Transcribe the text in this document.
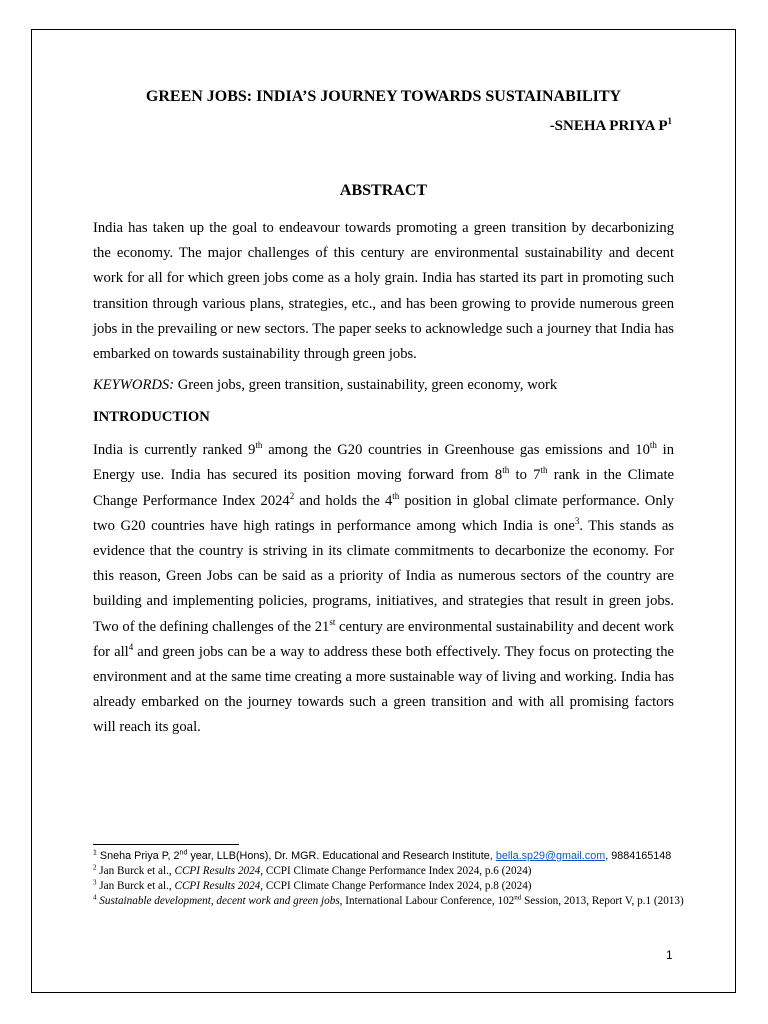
GREEN JOBS: INDIA’S JOURNEY TOWARDS SUSTAINABILITY

-SNEHA PRIYA $P^1$

ABSTRACT

India has taken up the goal to endeavour towards promoting a green transition by decarbonizing the economy. The major challenges of this century are environmental sustainability and decent work for all for which green jobs come as a holy grain. India has started its part in promoting such transition through various plans, strategies, etc., and has been growing to provide numerous green jobs in the prevailing or new sectors. The paper seeks to acknowledge such a journey that India has embarked on towards sustainability through green jobs.

KEYWORDS: Green jobs, green transition, sustainability, green economy, work

INTRODUCTION

India is currently ranked 9th among the G20 countries in Greenhouse gas emissions and 10th in Energy use. India has secured its position moving forward from 8th to 7th rank in the Climate Change Performance Index 2024$^2$ and holds the 4th position in global climate performance. Only two G20 countries have high ratings in performance among which India is one$^3$. This stands as evidence that the country is striving in its climate commitments to decarbonize the economy. For this reason, Green Jobs can be said as a priority of India as numerous sectors of the country are building and implementing policies, programs, initiatives, and strategies that result in green jobs. Two of the defining challenges of the 21st century are environmental sustainability and decent work for all$^4$ and green jobs can be a way to address these both effectively. They focus on protecting the environment and at the same time creating a more sustainable way of living and working. India has already embarked on the journey towards such a green transition and with all promising factors will reach its goal.

$^1$ Sneha Priya P, 2nd year, LLB(Hons), Dr. MGR. Educational and Research Institute, bella.sp29@gmail.com, 9884165148

$^2$ Jan Burck et al., CCPI Results 2024, CCPI Climate Change Performance Index 2024, p.6 (2024)

$^3$ Jan Burck et al., CCPI Results 2024, CCPI Climate Change Performance Index 2024, p.8 (2024)

$^4$ Sustainable development, decent work and green jobs, International Labour Conference, 102nd Session, 2013, Report V, p.1 (2013)

1
